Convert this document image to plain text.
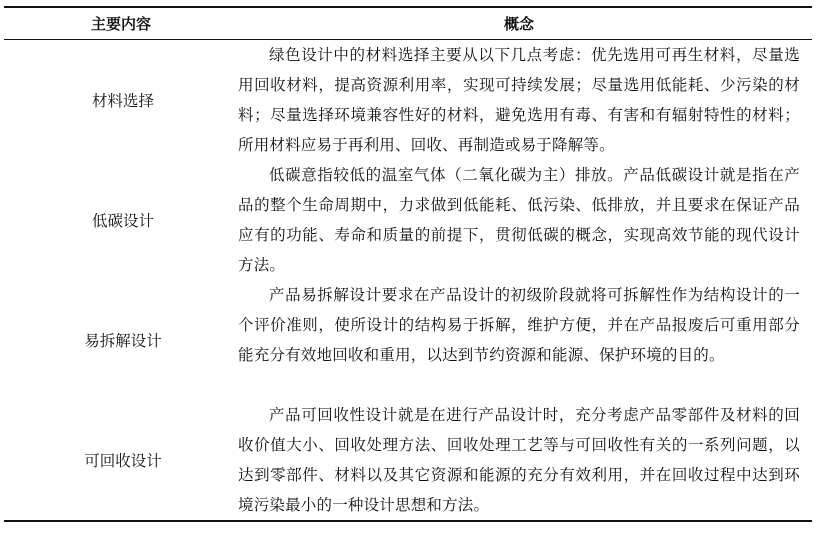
主要内容	概念
材料选择
绿色设计中的材料选择主要从以下几点考虑：优先选用可再生材料，尽量选用回收材料，提高资源利用率，实现可持续发展；尽量选用低能耗、少污染的材料；尽量选择环境兼容性好的材料，避免选用有毒、有害和有辐射特性的材料；所用材料应易于再利用、回收、再制造或易于降解等。
低碳设计
低碳意指较低的温室气体（二氧化碳为主）排放。产品低碳设计就是指在产品的整个生命周期中，力求做到低能耗、低污染、低排放，并且要求在保证产品应有的功能、寿命和质量的前提下，贯彻低碳的概念，实现高效节能的现代设计方法。
易拆解设计
产品易拆解设计要求在产品设计的初级阶段就将可拆解性作为结构设计的一个评价准则，使所设计的结构易于拆解，维护方便，并在产品报废后可重用部分能充分有效地回收和重用，以达到节约资源和能源、保护环境的目的。
可回收设计
产品可回收性设计就是在进行产品设计时，充分考虑产品零部件及材料的回收价值大小、回收处理方法、回收处理工艺等与可回收性有关的一系列问题，以达到零部件、材料以及其它资源和能源的充分有效利用，并在回收过程中达到环境污染最小的一种设计思想和方法。
